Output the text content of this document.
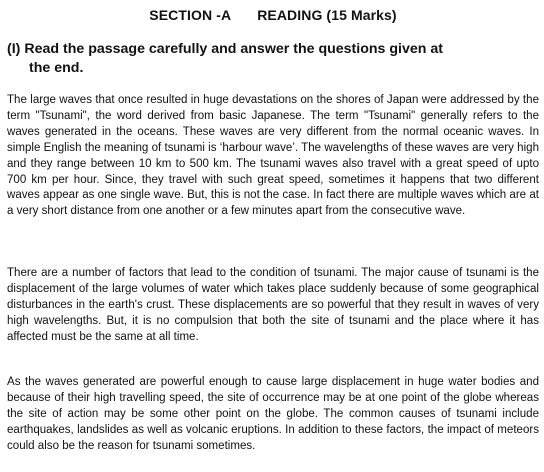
SECTION -A READING (15 Marks)
(I) Read the passage carefully and answer the questions given at
the end.

The large waves that once resulted in huge devastations on the shores of Japan were addressed by the term "Tsunami", the word derived from basic Japanese. The term "Tsunami" generally refers to the waves generated in the oceans. These waves are very different from the normal oceanic waves. In simple English the meaning of tsunami is ‘harbour wave’. The wavelengths of these waves are very high and they range between 10 km to 500 km. The tsunami waves also travel with a great speed of upto 700 km per hour. Since, they travel with such great speed, sometimes it happens that two different waves appear as one single wave. But, this is not the case. In fact there are multiple waves which are at a very short distance from one another or a few minutes apart from the consecutive wave.

There are a number of factors that lead to the condition of tsunami. The major cause of tsunami is the displacement of the large volumes of water which takes place suddenly because of some geographical disturbances in the earth's crust. These displacements are so powerful that they result in waves of very high wavelengths. But, it is no compulsion that both the site of tsunami and the place where it has affected must be the same at all time.

As the waves generated are powerful enough to cause large displacement in huge water bodies and because of their high travelling speed, the site of occurrence may be at one point of the globe whereas the site of action may be some other point on the globe. The common causes of tsunami include earthquakes, landslides as well as volcanic eruptions. In addition to these factors, the impact of meteors could also be the reason for tsunami sometimes.
